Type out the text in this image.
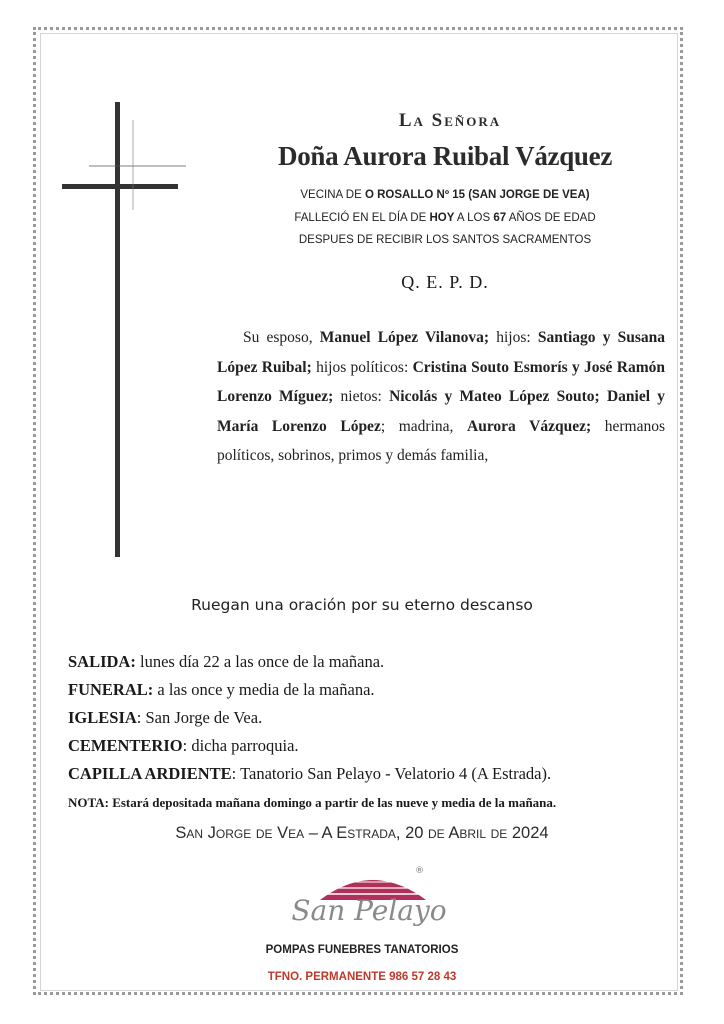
La Señora
Doña Aurora Ruibal Vázquez
VECINA DE O ROSALLO Nº 15 (SAN JORGE DE VEA)
FALLECIÓ EN EL DÍA DE HOY A LOS 67 AÑOS DE EDAD
DESPUES DE RECIBIR LOS SANTOS SACRAMENTOS
Q. E. P. D.
Su esposo, Manuel López Vilanova; hijos: Santiago y Susana López Ruibal; hijos políticos: Cristina Souto Esmorís y José Ramón Lorenzo Míguez; nietos: Nicolás y Mateo López Souto; Daniel y María Lorenzo López; madrina, Aurora Vázquez; hermanos políticos, sobrinos, primos y demás familia,
Ruegan una oración por su eterno descanso
SALIDA: lunes día 22 a las once de la mañana.
FUNERAL: a las once y media de la mañana.
IGLESIA: San Jorge de Vea.
CEMENTERIO: dicha parroquia.
CAPILLA ARDIENTE: Tanatorio San Pelayo - Velatorio 4 (A Estrada).
NOTA: Estará depositada mañana domingo a partir de las nueve y media de la mañana.
San Jorge de Vea – A Estrada, 20 de Abril de 2024
®
San Pelayo
POMPAS FUNEBRES TANATORIOS
TFNO. PERMANENTE 986 57 28 43
